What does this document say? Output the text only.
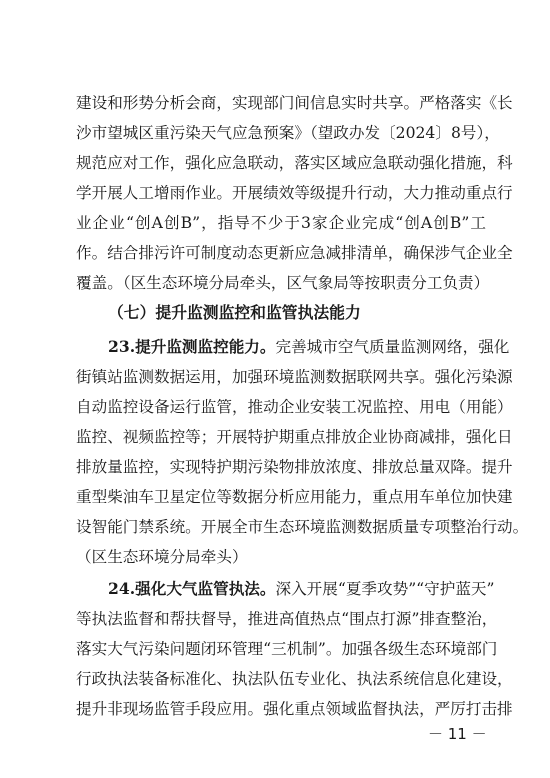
建设和形势分析会商，实现部门间信息实时共享。严格落实《长
沙市望城区重污染天气应急预案》（望政办发〔2024〕8号），
规范应对工作，强化应急联动，落实区域应急联动强化措施，科
学开展人工增雨作业。开展绩效等级提升行动，大力推动重点行
业企业“创A创B”，指导不少于3家企业完成“创A创B”工
作。结合排污许可制度动态更新应急减排清单，确保涉气企业全
覆盖。（区生态环境分局牵头，区气象局等按职责分工负责）
（七）提升监测监控和监管执法能力
23.提升监测监控能力。完善城市空气质量监测网络，强化
街镇站监测数据运用，加强环境监测数据联网共享。强化污染源
自动监控设备运行监管，推动企业安装工况监控、用电（用能）
监控、视频监控等；开展特护期重点排放企业协商减排，强化日
排放量监控，实现特护期污染物排放浓度、排放总量双降。提升
重型柴油车卫星定位等数据分析应用能力，重点用车单位加快建
设智能门禁系统。开展全市生态环境监测数据质量专项整治行动。
（区生态环境分局牵头）
24.强化大气监管执法。深入开展“夏季攻势”“守护蓝天”
等执法监督和帮扶督导，推进高值热点“围点打源”排查整治，
落实大气污染问题闭环管理“三机制”。加强各级生态环境部门
行政执法装备标准化、执法队伍专业化、执法系统信息化建设，
提升非现场监管手段应用。强化重点领域监督执法，严厉打击排
－ 11 －
